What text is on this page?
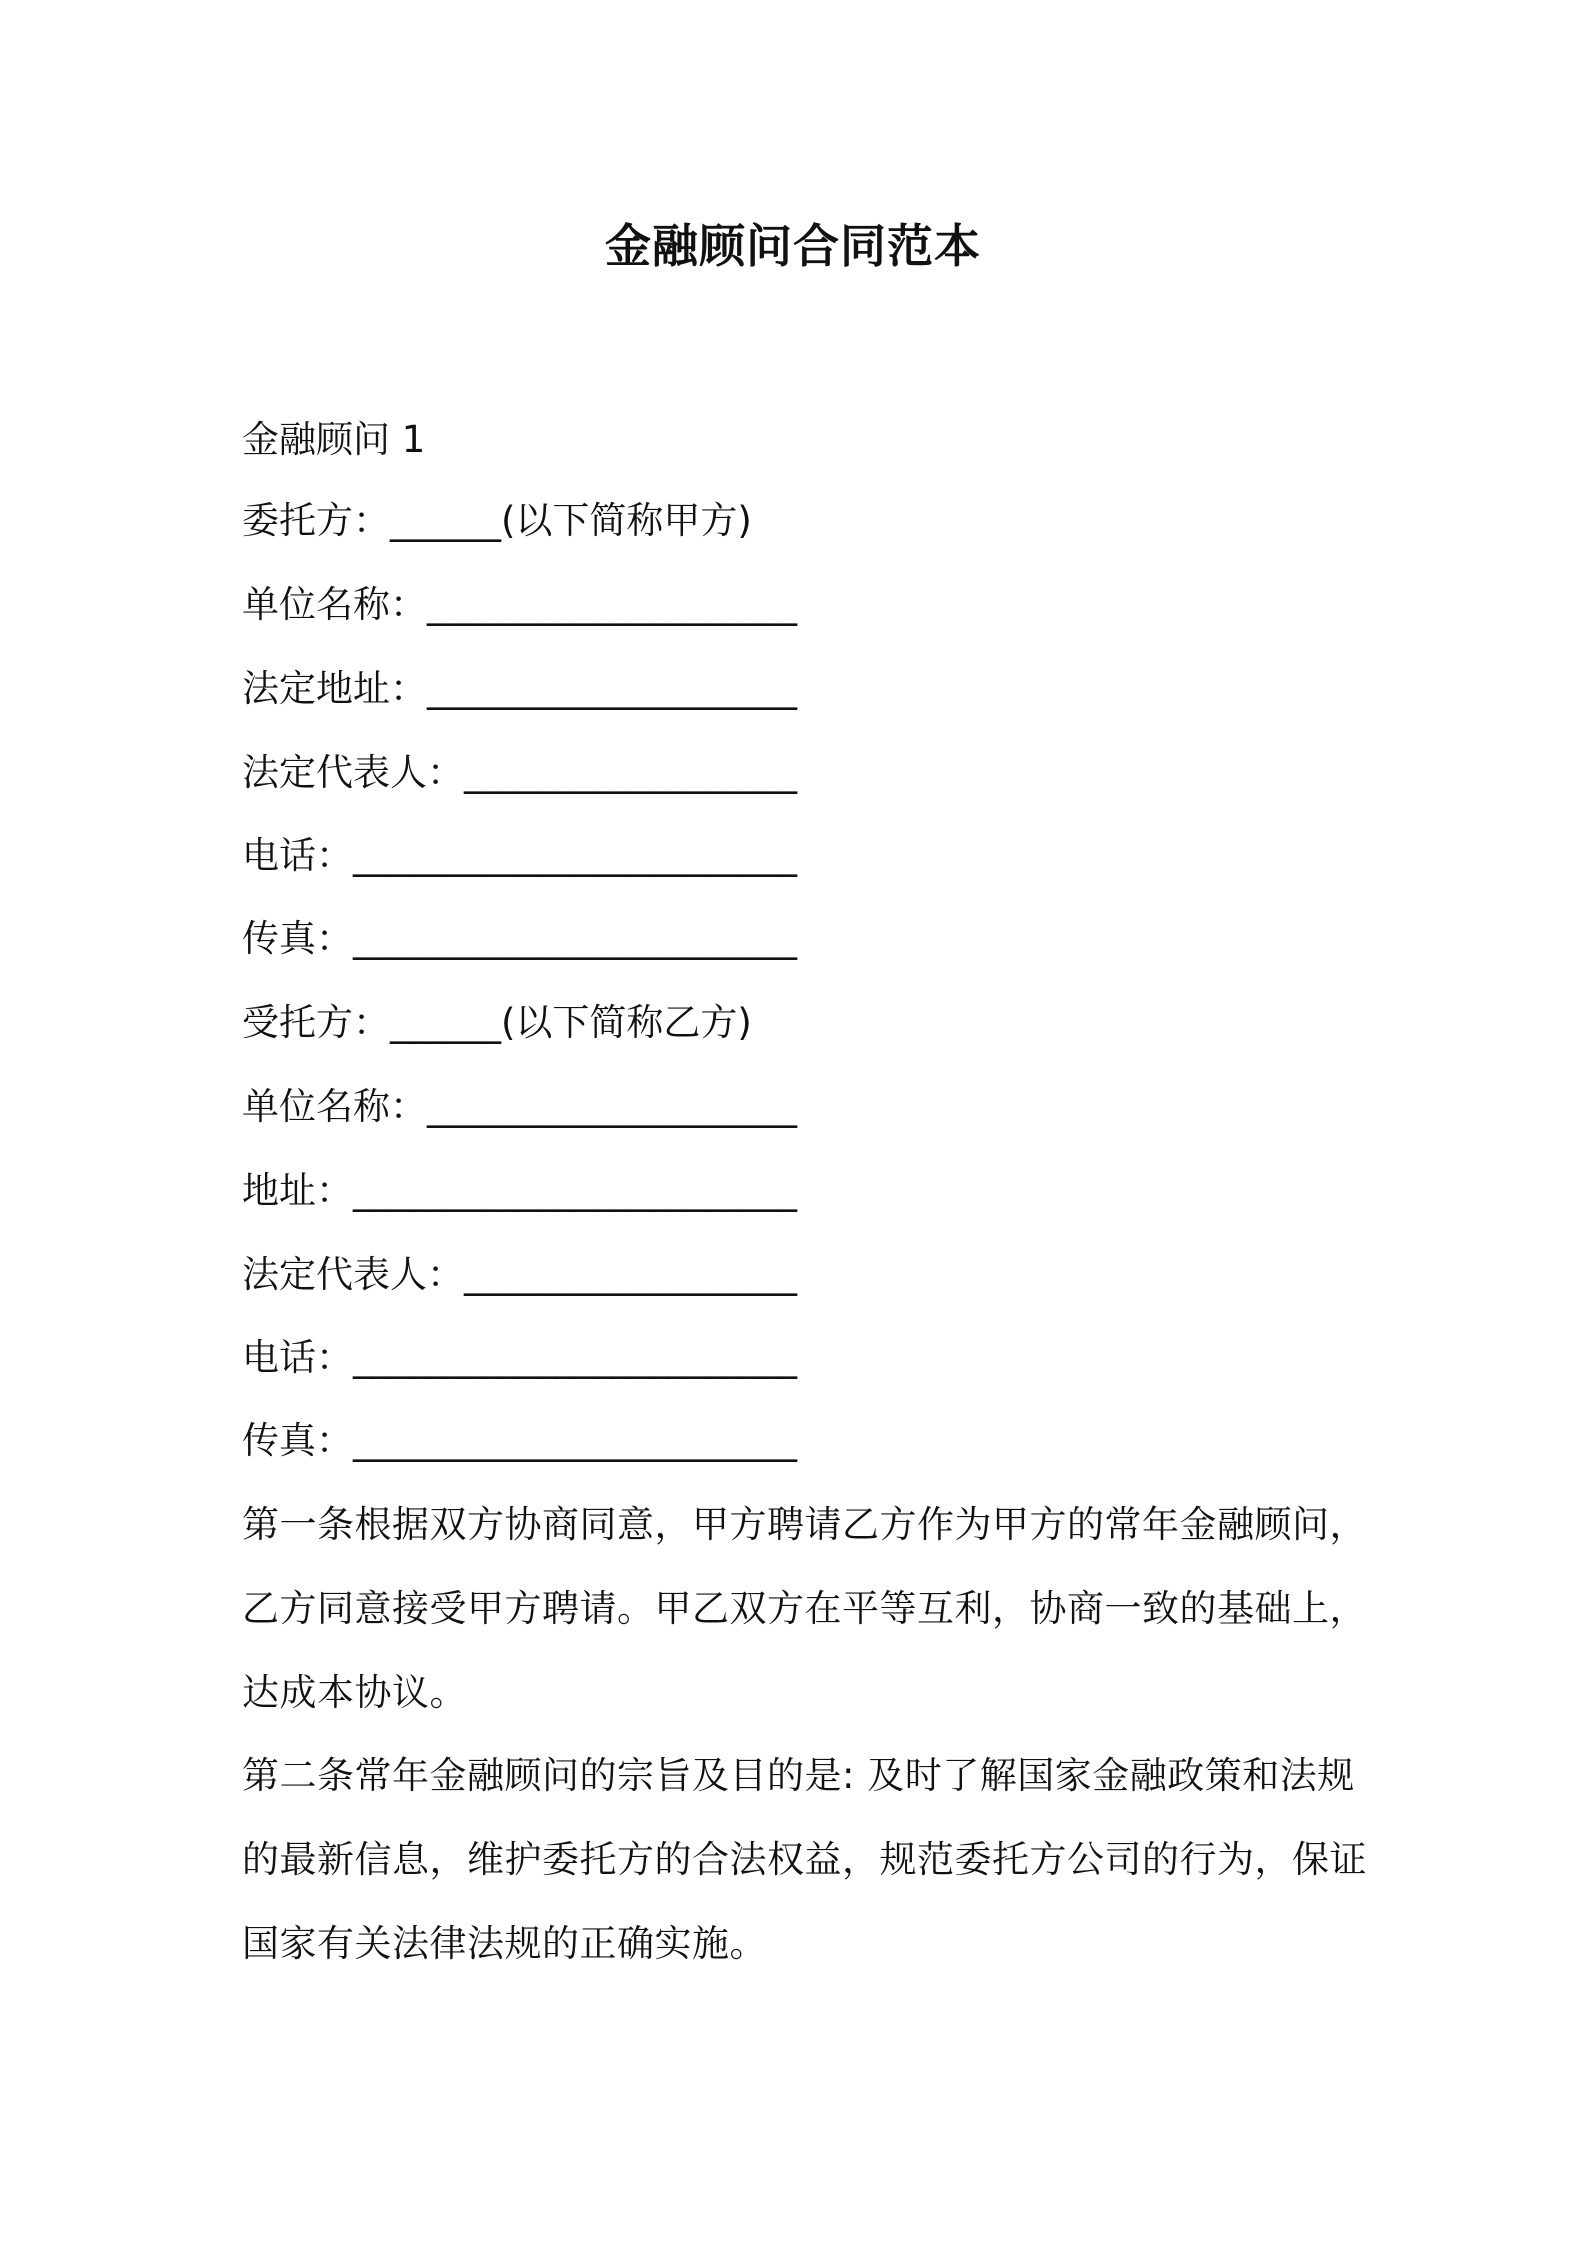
金融顾问合同范本
金融顾问 1
委托方：______(以下简称甲方)
单位名称：____________________
法定地址：____________________
法定代表人：__________________
电话：________________________
传真：________________________
受托方：______(以下简称乙方)
单位名称：____________________
地址：________________________
法定代表人：__________________
电话：________________________
传真：________________________
第一条根据双方协商同意，甲方聘请乙方作为甲方的常年金融顾问，
乙方同意接受甲方聘请。甲乙双方在平等互利，协商一致的基础上，
达成本协议。
第二条常年金融顾问的宗旨及目的是: 及时了解国家金融政策和法规
的最新信息，维护委托方的合法权益，规范委托方公司的行为，保证
国家有关法律法规的正确实施。
